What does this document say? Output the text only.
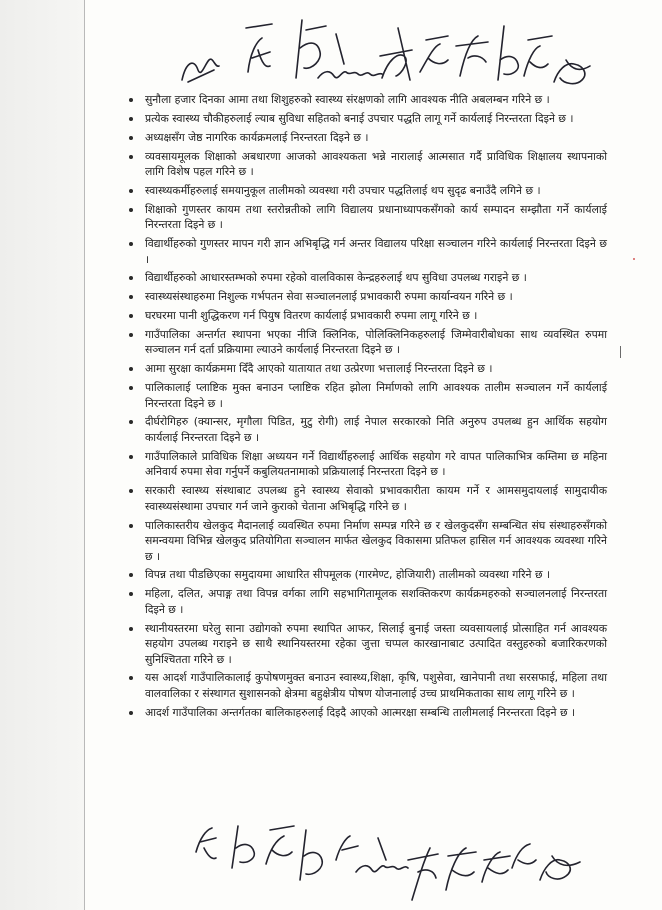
सुनौला हजार दिनका आमा तथा शिशुहरुको स्वास्थ्य संरक्षणको लागि आवश्यक नीति अबलम्बन गरिने छ ।
प्रत्येक स्वास्थ्य चौकीहरुलाई ल्याब सुविधा सहितको बनाई उपचार पद्धति लागू गर्ने कार्यलाई निरन्तरता दिइने छ ।
अध्यक्षसँग जेष्ठ नागरिक कार्यक्रमलाई निरन्तरता दिइने छ ।
व्यवसायमूलक शिक्षाको अबधारणा आजको आवश्यकता भन्ने नारालाई आत्मसात गर्दै प्राविधिक शिक्षालय स्थापनाको लागि विशेष पहल गरिने छ ।
स्वास्थ्यकर्मीहरुलाई समयानुकूल तालीमको व्यवस्था गरी उपचार पद्धतिलाई थप सुदृढ बनाउँदै लगिने छ ।
शिक्षाको गुणस्तर कायम तथा स्तरोन्नतीको लागि विद्यालय प्रधानाध्यापकसँगको कार्य सम्पादन सम्झौता गर्ने कार्यलाई निरन्तरता दिइने छ ।
विद्यार्थीहरुको गुणस्तर मापन गरी ज्ञान अभिबृद्धि गर्न अन्तर विद्यालय परिक्षा सञ्चालन गरिने कार्यलाई निरन्तरता दिइने छ ।
विद्यार्थीहरुको आधारस्तम्भको रुपमा रहेको वालविकास केन्द्रहरुलाई थप सुविधा उपलब्ध गराइने छ ।
स्वास्थ्यसंस्थाहरुमा निशुल्क गर्भपतन सेवा सञ्चालनलाई प्रभावकारी रुपमा कार्यान्वयन गरिने छ ।
घरघरमा पानी शुद्धिकरण गर्न पियुष वितरण कार्यलाई प्रभावकारी रुपमा लागू गरिने छ ।
गाउँपालिका अन्तर्गत स्थापना भएका नीजि क्लिनिक, पोलिक्लिनिकहरुलाई जिम्मेवारीबोधका साथ व्यवस्थित रुपमा सञ्चालन गर्न दर्ता प्रक्रियामा ल्याउने कार्यलाई निरन्तरता दिइने छ ।
आमा सुरक्षा कार्यक्रममा दिँदै आएको यातायात तथा उत्प्रेरणा भत्तालाई निरन्तरता दिइने छ ।
पालिकालाई प्लाष्टिक मुक्त बनाउन प्लाष्टिक रहित झोला निर्माणको लागि आवश्यक तालीम सञ्चालन गर्ने कार्यलाई निरन्तरता दिइने छ ।
दीर्घरोगिहरु (क्यान्सर, मृगौला पिडित, मुटु रोगी) लाई नेपाल सरकारको निति अनुरुप उपलब्ध हुन आर्थिक सहयोग कार्यलाई निरन्तरता दिइने छ ।
गाउँपालिकाले प्राविधिक शिक्षा अध्ययन गर्ने विद्यार्थीहरुलाई आर्थिक सहयोग गरे वापत पालिकाभित्र कम्तिमा छ महिना अनिवार्य रुपमा सेवा गर्नुपर्ने कबुलियतनामाको प्रक्रियालाई निरन्तरता दिइने छ ।
सरकारी स्वास्थ्य संस्थाबाट उपलब्ध हुने स्वास्थ्य सेवाको प्रभावकारीता कायम गर्ने र आमसमुदायलाई सामुदायीक स्वास्थ्यसंस्थामा उपचार गर्न जाने कुराको चेताना अभिबृद्धि गरिने छ ।
पालिकास्तरीय खेलकुद मैदानलाई व्यवस्थित रुपमा निर्माण सम्पन्न गरिने छ र खेलकुदसँग सम्बन्धित संघ संस्थाहरुसँगको समन्वयमा विभिन्न खेलकुद प्रतियोगिता सञ्चालन मार्फत खेलकुद विकासमा प्रतिफल हासिल गर्न आवश्यक व्यवस्था गरिने छ ।
विपन्न तथा पीडछिएका समुदायमा आधारित सीपमूलक (गारमेण्ट, होजियारी) तालीमको व्यवस्था गरिने छ ।
महिला, दलित, अपाङ्ग तथा विपन्न वर्गका लागि सहभागितामूलक सशक्तिकरण कार्यक्रमहरुको सञ्चालनलाई निरन्तरता दिइने छ ।
स्थानीयस्तरमा घरेलु साना उद्योगको रुपमा स्थापित आफर, सिलाई बुनाई जस्ता व्यवसायलाई प्रोत्साहित गर्न आवश्यक सहयोग उपलब्ध गराइने छ साथै स्थानियस्तरमा रहेका जुत्ता चप्पल कारखानाबाट उत्पादित वस्तुहरुको बजारिकरणको सुनिश्चितता गरिने छ ।
यस आदर्श गाउँपालिकालाई कुपोषणमुक्त बनाउन स्वास्थ्य,शिक्षा, कृषि, पशुसेवा, खानेपानी तथा सरसफाई, महिला तथा वालवालिका र संस्थागत सुशासनको क्षेत्रमा बहुक्षेत्रीय पोषण योजनालाई उच्च प्राथमिकताका साथ लागू गरिने छ ।
आदर्श गाउँपालिका अन्तर्गतका बालिकाहरुलाई दिइदै आएको आत्मरक्षा सम्बन्धि तालीमलाई निरन्तरता दिइने छ ।
